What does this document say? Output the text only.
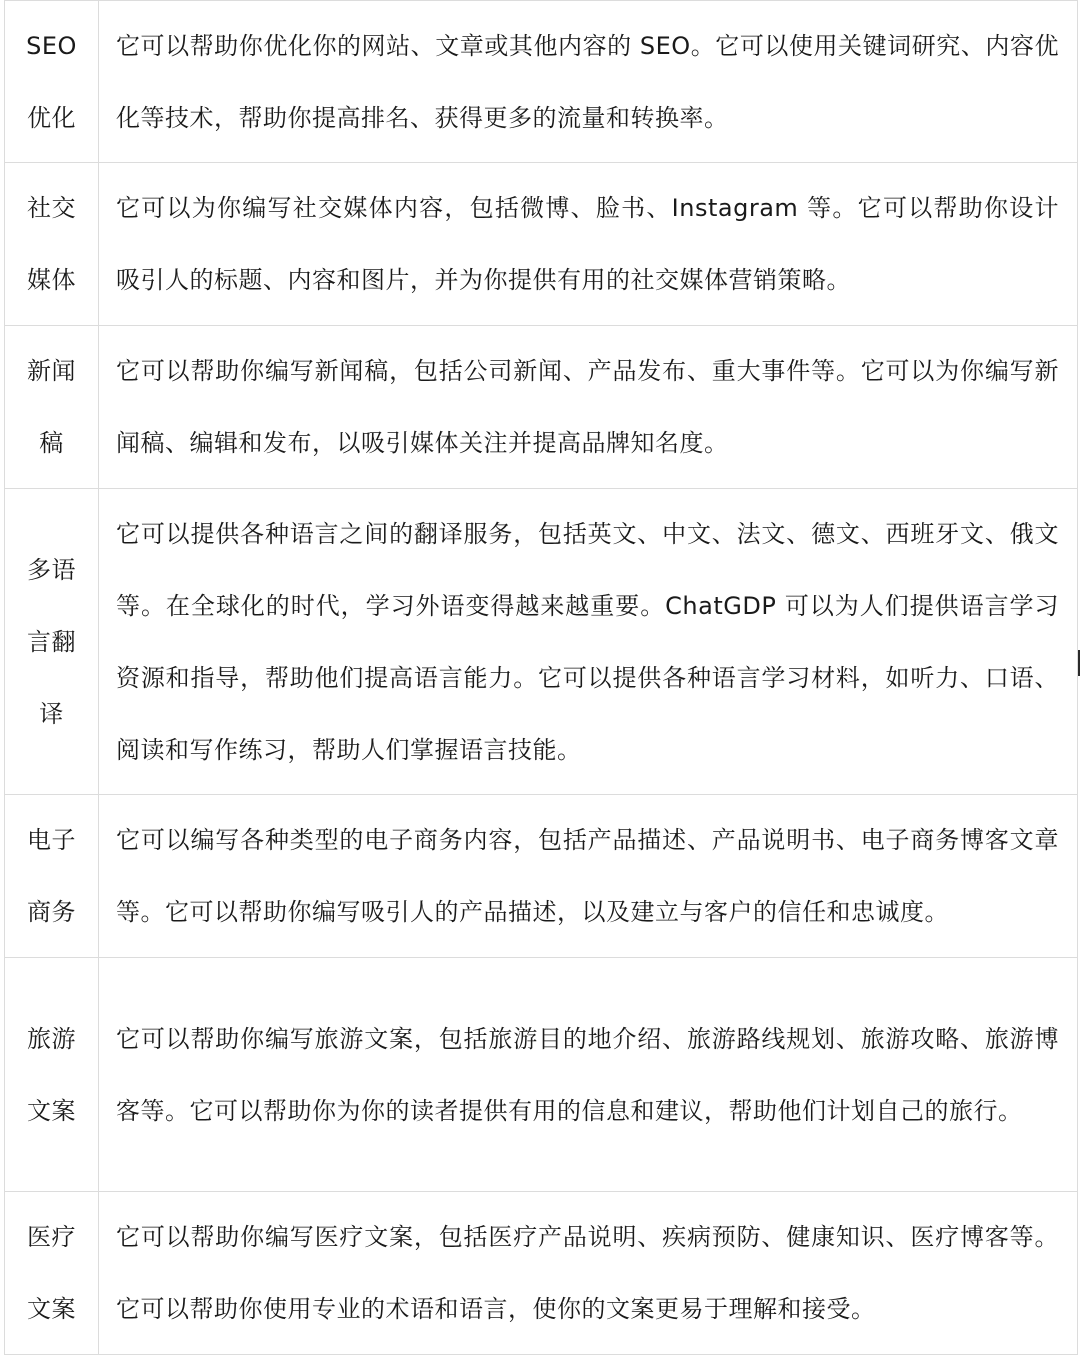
SEO优化	它可以帮助你优化你的网站、文章或其他内容的 SEO。它可以使用关键词研究、内容优化等技术，帮助你提高排名、获得更多的流量和转换率。
社交媒体	它可以为你编写社交媒体内容，包括微博、脸书、Instagram 等。它可以帮助你设计吸引人的标题、内容和图片，并为你提供有用的社交媒体营销策略。
新闻稿	它可以帮助你编写新闻稿，包括公司新闻、产品发布、重大事件等。它可以为你编写新闻稿、编辑和发布，以吸引媒体关注并提高品牌知名度。
多语言翻译	它可以提供各种语言之间的翻译服务，包括英文、中文、法文、德文、西班牙文、俄文等。在全球化的时代，学习外语变得越来越重要。ChatGDP 可以为人们提供语言学习资源和指导，帮助他们提高语言能力。它可以提供各种语言学习材料，如听力、口语、阅读和写作练习，帮助人们掌握语言技能。
电子商务	它可以编写各种类型的电子商务内容，包括产品描述、产品说明书、电子商务博客文章等。它可以帮助你编写吸引人的产品描述，以及建立与客户的信任和忠诚度。
旅游文案	它可以帮助你编写旅游文案，包括旅游目的地介绍、旅游路线规划、旅游攻略、旅游博客等。它可以帮助你为你的读者提供有用的信息和建议，帮助他们计划自己的旅行。
医疗文案	它可以帮助你编写医疗文案，包括医疗产品说明、疾病预防、健康知识、医疗博客等。它可以帮助你使用专业的术语和语言，使你的文案更易于理解和接受。
